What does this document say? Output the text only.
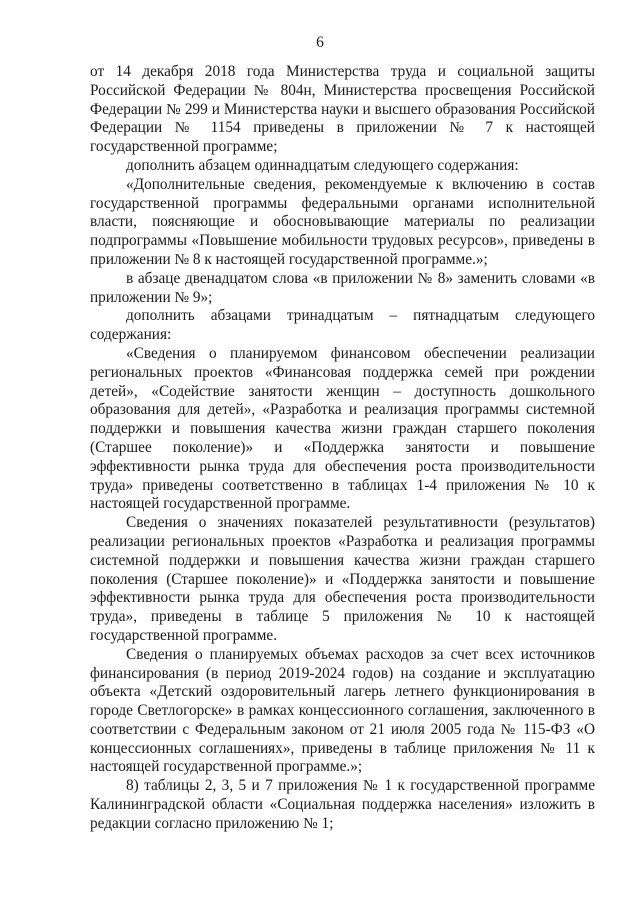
6

от 14 декабря 2018 года Министерства труда и социальной защиты Российской Федерации № 804н, Министерства просвещения Российской Федерации № 299 и Министерства науки и высшего образования Российской Федерации № 1154 приведены в приложении № 7 к настоящей государственной программе;

дополнить абзацем одиннадцатым следующего содержания:

«Дополнительные сведения, рекомендуемые к включению в состав государственной программы федеральными органами исполнительной власти, поясняющие и обосновывающие материалы по реализации подпрограммы «Повышение мобильности трудовых ресурсов», приведены в приложении № 8 к настоящей государственной программе.»;

в абзаце двенадцатом слова «в приложении № 8» заменить словами «в приложении № 9»;

дополнить абзацами тринадцатым – пятнадцатым следующего содержания:

«Сведения о планируемом финансовом обеспечении реализации региональных проектов «Финансовая поддержка семей при рождении детей», «Содействие занятости женщин – доступность дошкольного образования для детей», «Разработка и реализация программы системной поддержки и повышения качества жизни граждан старшего поколения (Старшее поколение)» и «Поддержка занятости и повышение эффективности рынка труда для обеспечения роста производительности труда» приведены соответственно в таблицах 1-4 приложения № 10 к настоящей государственной программе.

Сведения о значениях показателей результативности (результатов) реализации региональных проектов «Разработка и реализация программы системной поддержки и повышения качества жизни граждан старшего поколения (Старшее поколение)» и «Поддержка занятости и повышение эффективности рынка труда для обеспечения роста производительности труда», приведены в таблице 5 приложения № 10 к настоящей государственной программе.

Сведения о планируемых объемах расходов за счет всех источников финансирования (в период 2019-2024 годов) на создание и эксплуатацию объекта «Детский оздоровительный лагерь летнего функционирования в городе Светлогорске» в рамках концессионного соглашения, заключенного в соответствии с Федеральным законом от 21 июля 2005 года № 115-ФЗ «О концессионных соглашениях», приведены в таблице приложения № 11 к настоящей государственной программе.»;

8) таблицы 2, 3, 5 и 7 приложения № 1 к государственной программе Калининградской области «Социальная поддержка населения» изложить в редакции согласно приложению № 1;
